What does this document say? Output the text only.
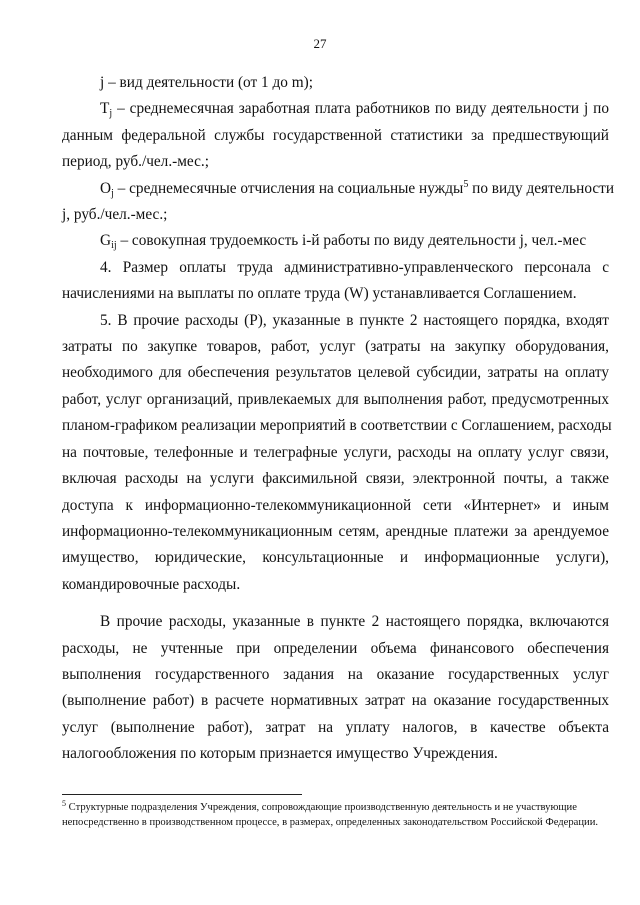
27
j – вид деятельности (от 1 до m);
$T_j$ – среднемесячная заработная плата работников по виду деятельности j по
данным федеральной службы государственной статистики за предшествующий
период, руб./чел.-мес.;
$O_j$ – среднемесячные отчисления на социальные нужды$^5$ по виду деятельности
j, руб./чел.-мес.;
$G_{ij}$ – совокупная трудоемкость i-й работы по виду деятельности j, чел.-мес
4. Размер оплаты труда административно-управленческого персонала с
начислениями на выплаты по оплате труда (W) устанавливается Соглашением.
5. В прочие расходы (Р), указанные в пункте 2 настоящего порядка, входят
затраты по закупке товаров, работ, услуг (затраты на закупку оборудования,
необходимого для обеспечения результатов целевой субсидии, затраты на оплату
работ, услуг организаций, привлекаемых для выполнения работ, предусмотренных
планом-графиком реализации мероприятий в соответствии с Соглашением, расходы
на почтовые, телефонные и телеграфные услуги, расходы на оплату услуг связи,
включая расходы на услуги факсимильной связи, электронной почты, а также
доступа к информационно-телекоммуникационной сети «Интернет» и иным
информационно-телекоммуникационным сетям, арендные платежи за арендуемое
имущество, юридические, консультационные и информационные услуги),
командировочные расходы.
В прочие расходы, указанные в пункте 2 настоящего порядка, включаются
расходы, не учтенные при определении объема финансового обеспечения
выполнения государственного задания на оказание государственных услуг
(выполнение работ) в расчете нормативных затрат на оказание государственных
услуг (выполнение работ), затрат на уплату налогов, в качестве объекта
налогообложения по которым признается имущество Учреждения.
$^5$ Структурные подразделения Учреждения, сопровождающие производственную деятельность и не участвующие
непосредственно в производственном процессе, в размерах, определенных законодательством Российской Федерации.
